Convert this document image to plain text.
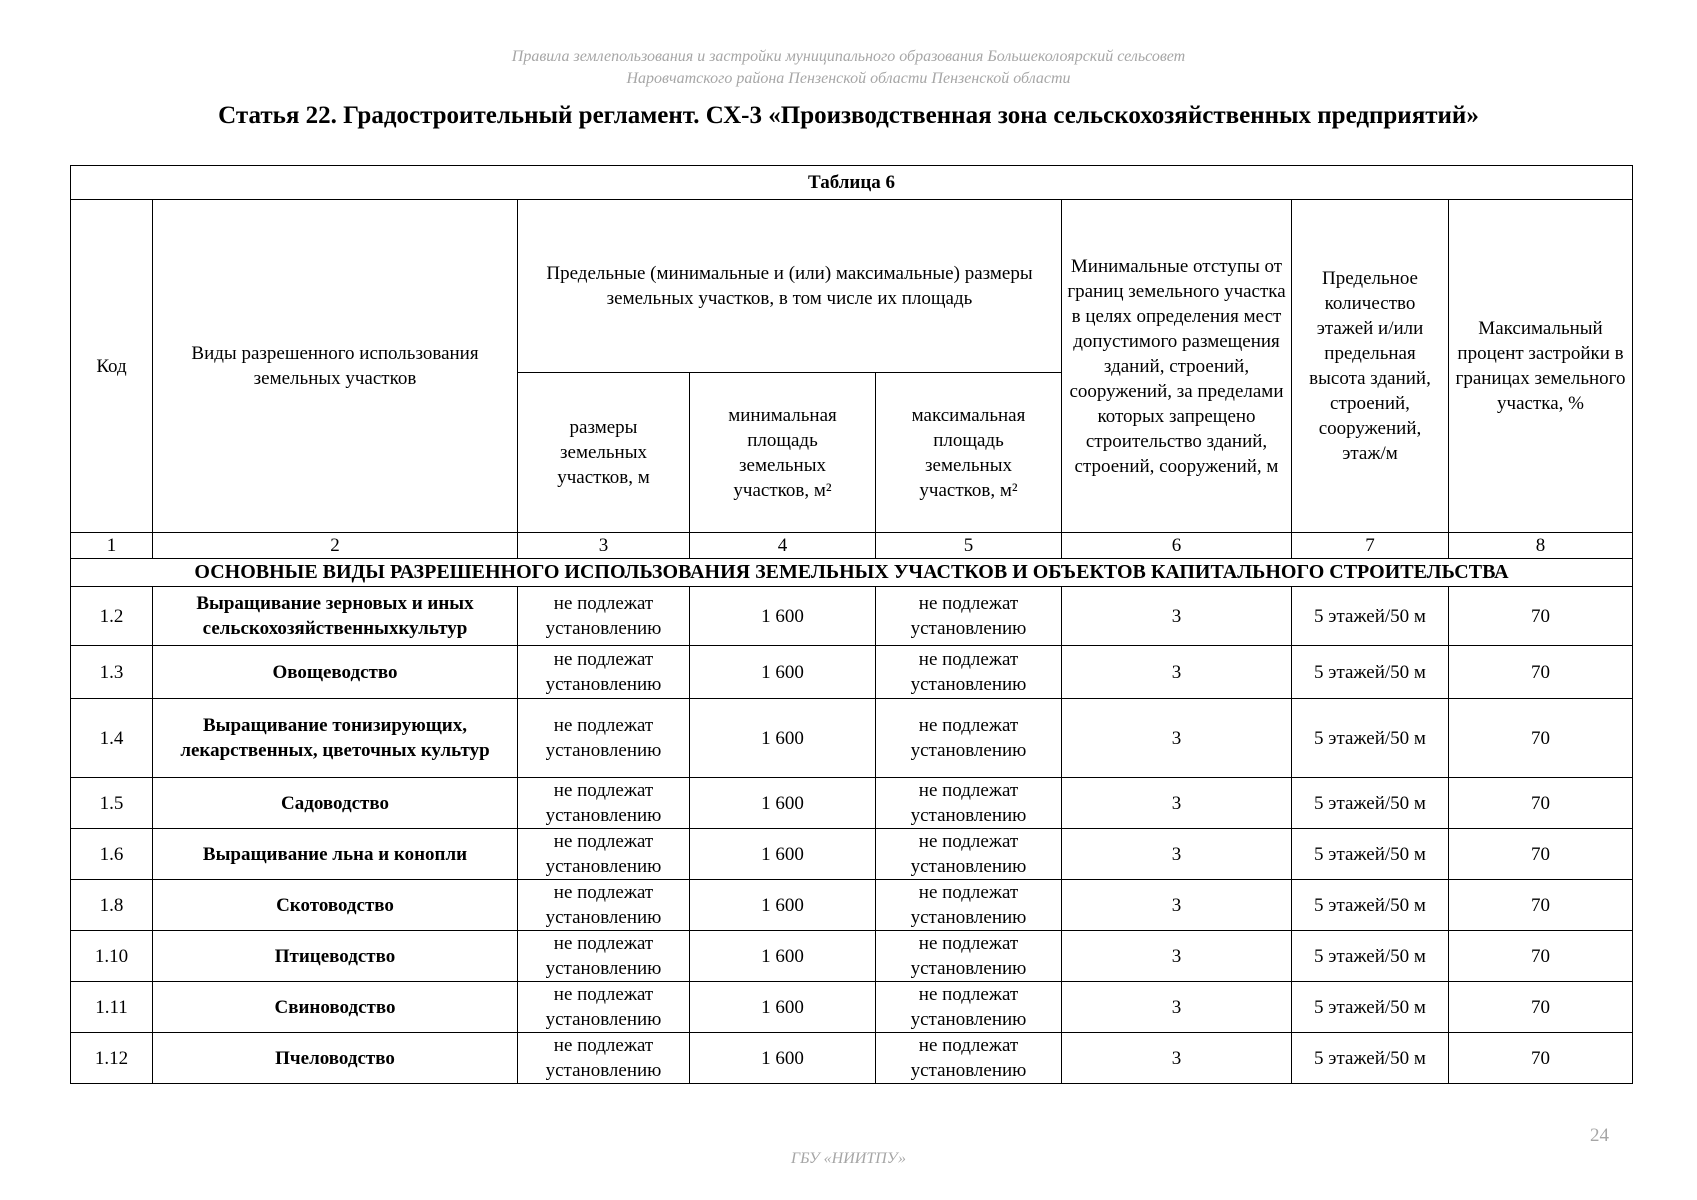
Правила землепользования и застройки муниципального образования Большеколоярский сельсовет
Наровчатского района Пензенской области Пензенской области
Статья 22. Градостроительный регламент. СХ-3 «Производственная зона сельскохозяйственных предприятий»
Таблица 6							
Код	Виды разрешенного использования земельных участков	Предельные (минимальные и (или) максимальные) размеры земельных участков, в том числе их площадь			Минимальные отступы от границ земельного участка в целях определения мест допустимого размещения зданий, строений, сооружений, за пределами которых запрещено строительство зданий, строений, сооружений, м	Предельное количество этажей и/или предельная высота зданий, строений, сооружений, этаж/м	Максимальный процент застройки в границах земельного участка, %
		размеры земельных участков, м	минимальная площадь земельных участков, м²	максимальная площадь земельных участков, м²			
1	2	3	4	5	6	7	8
ОСНОВНЫЕ ВИДЫ РАЗРЕШЕННОГО ИСПОЛЬЗОВАНИЯ ЗЕМЕЛЬНЫХ УЧАСТКОВ И ОБЪЕКТОВ КАПИТАЛЬНОГО СТРОИТЕЛЬСТВА							
1.2	Выращивание зерновых и иных сельскохозяйственныхкультур	не подлежат установлению	1 600	не подлежат установлению	3	5 этажей/50 м	70
1.3	Овощеводство	не подлежат установлению	1 600	не подлежат установлению	3	5 этажей/50 м	70
1.4	Выращивание тонизирующих, лекарственных, цветочных культур	не подлежат установлению	1 600	не подлежат установлению	3	5 этажей/50 м	70
1.5	Садоводство	не подлежат установлению	1 600	не подлежат установлению	3	5 этажей/50 м	70
1.6	Выращивание льна и конопли	не подлежат установлению	1 600	не подлежат установлению	3	5 этажей/50 м	70
1.8	Скотоводство	не подлежат установлению	1 600	не подлежат установлению	3	5 этажей/50 м	70
1.10	Птицеводство	не подлежат установлению	1 600	не подлежат установлению	3	5 этажей/50 м	70
1.11	Свиноводство	не подлежат установлению	1 600	не подлежат установлению	3	5 этажей/50 м	70
1.12	Пчеловодство	не подлежат установлению	1 600	не подлежат установлению	3	5 этажей/50 м	70
24
ГБУ «НИИТПУ»
